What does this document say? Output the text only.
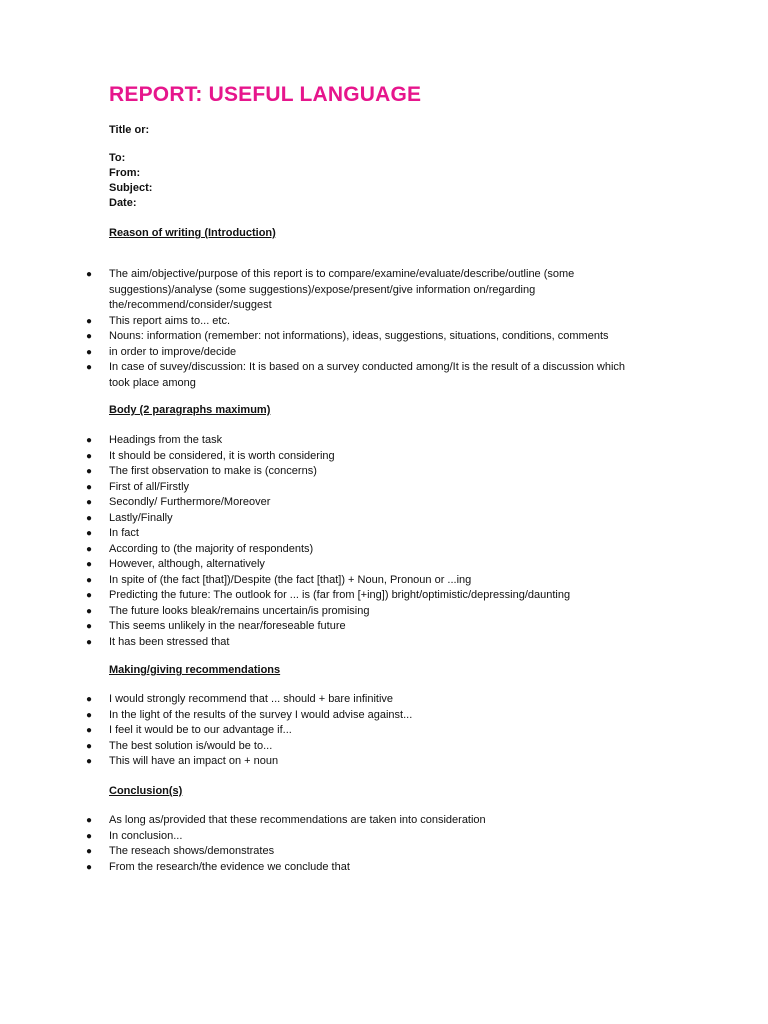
REPORT: USEFUL LANGUAGE
Title or:
To:
From:
Subject:
Date:
Reason of writing (Introduction)
● The aim/objective/purpose of this report is to compare/examine/evaluate/describe/outline (some suggestions)/analyse (some suggestions)/expose/present/give information on/regarding the/recommend/consider/suggest
● This report aims to... etc.
● Nouns: information (remember: not informations), ideas, suggestions, situations, conditions, comments
● in order to improve/decide
● In case of suvey/discussion: It is based on a survey conducted among/It is the result of a discussion which took place among
Body (2 paragraphs maximum)
● Headings from the task
● It should be considered, it is worth considering
● The first observation to make is (concerns)
● First of all/Firstly
● Secondly/ Furthermore/Moreover
● Lastly/Finally
● In fact
● According to (the majority of respondents)
● However, although, alternatively
● In spite of (the fact [that])/Despite (the fact [that]) + Noun, Pronoun or ...ing
● Predicting the future: The outlook for ... is (far from [+ing]) bright/optimistic/depressing/daunting
● The future looks bleak/remains uncertain/is promising
● This seems unlikely in the near/foreseable future
● It has been stressed that
Making/giving recommendations
● I would strongly recommend that ... should + bare infinitive
● In the light of the results of the survey I would advise against...
● I feel it would be to our advantage if...
● The best solution is/would be to...
● This will have an impact on + noun
Conclusion(s)
● As long as/provided that these recommendations are taken into consideration
● In conclusion...
● The reseach shows/demonstrates
● From the research/the evidence we conclude that
